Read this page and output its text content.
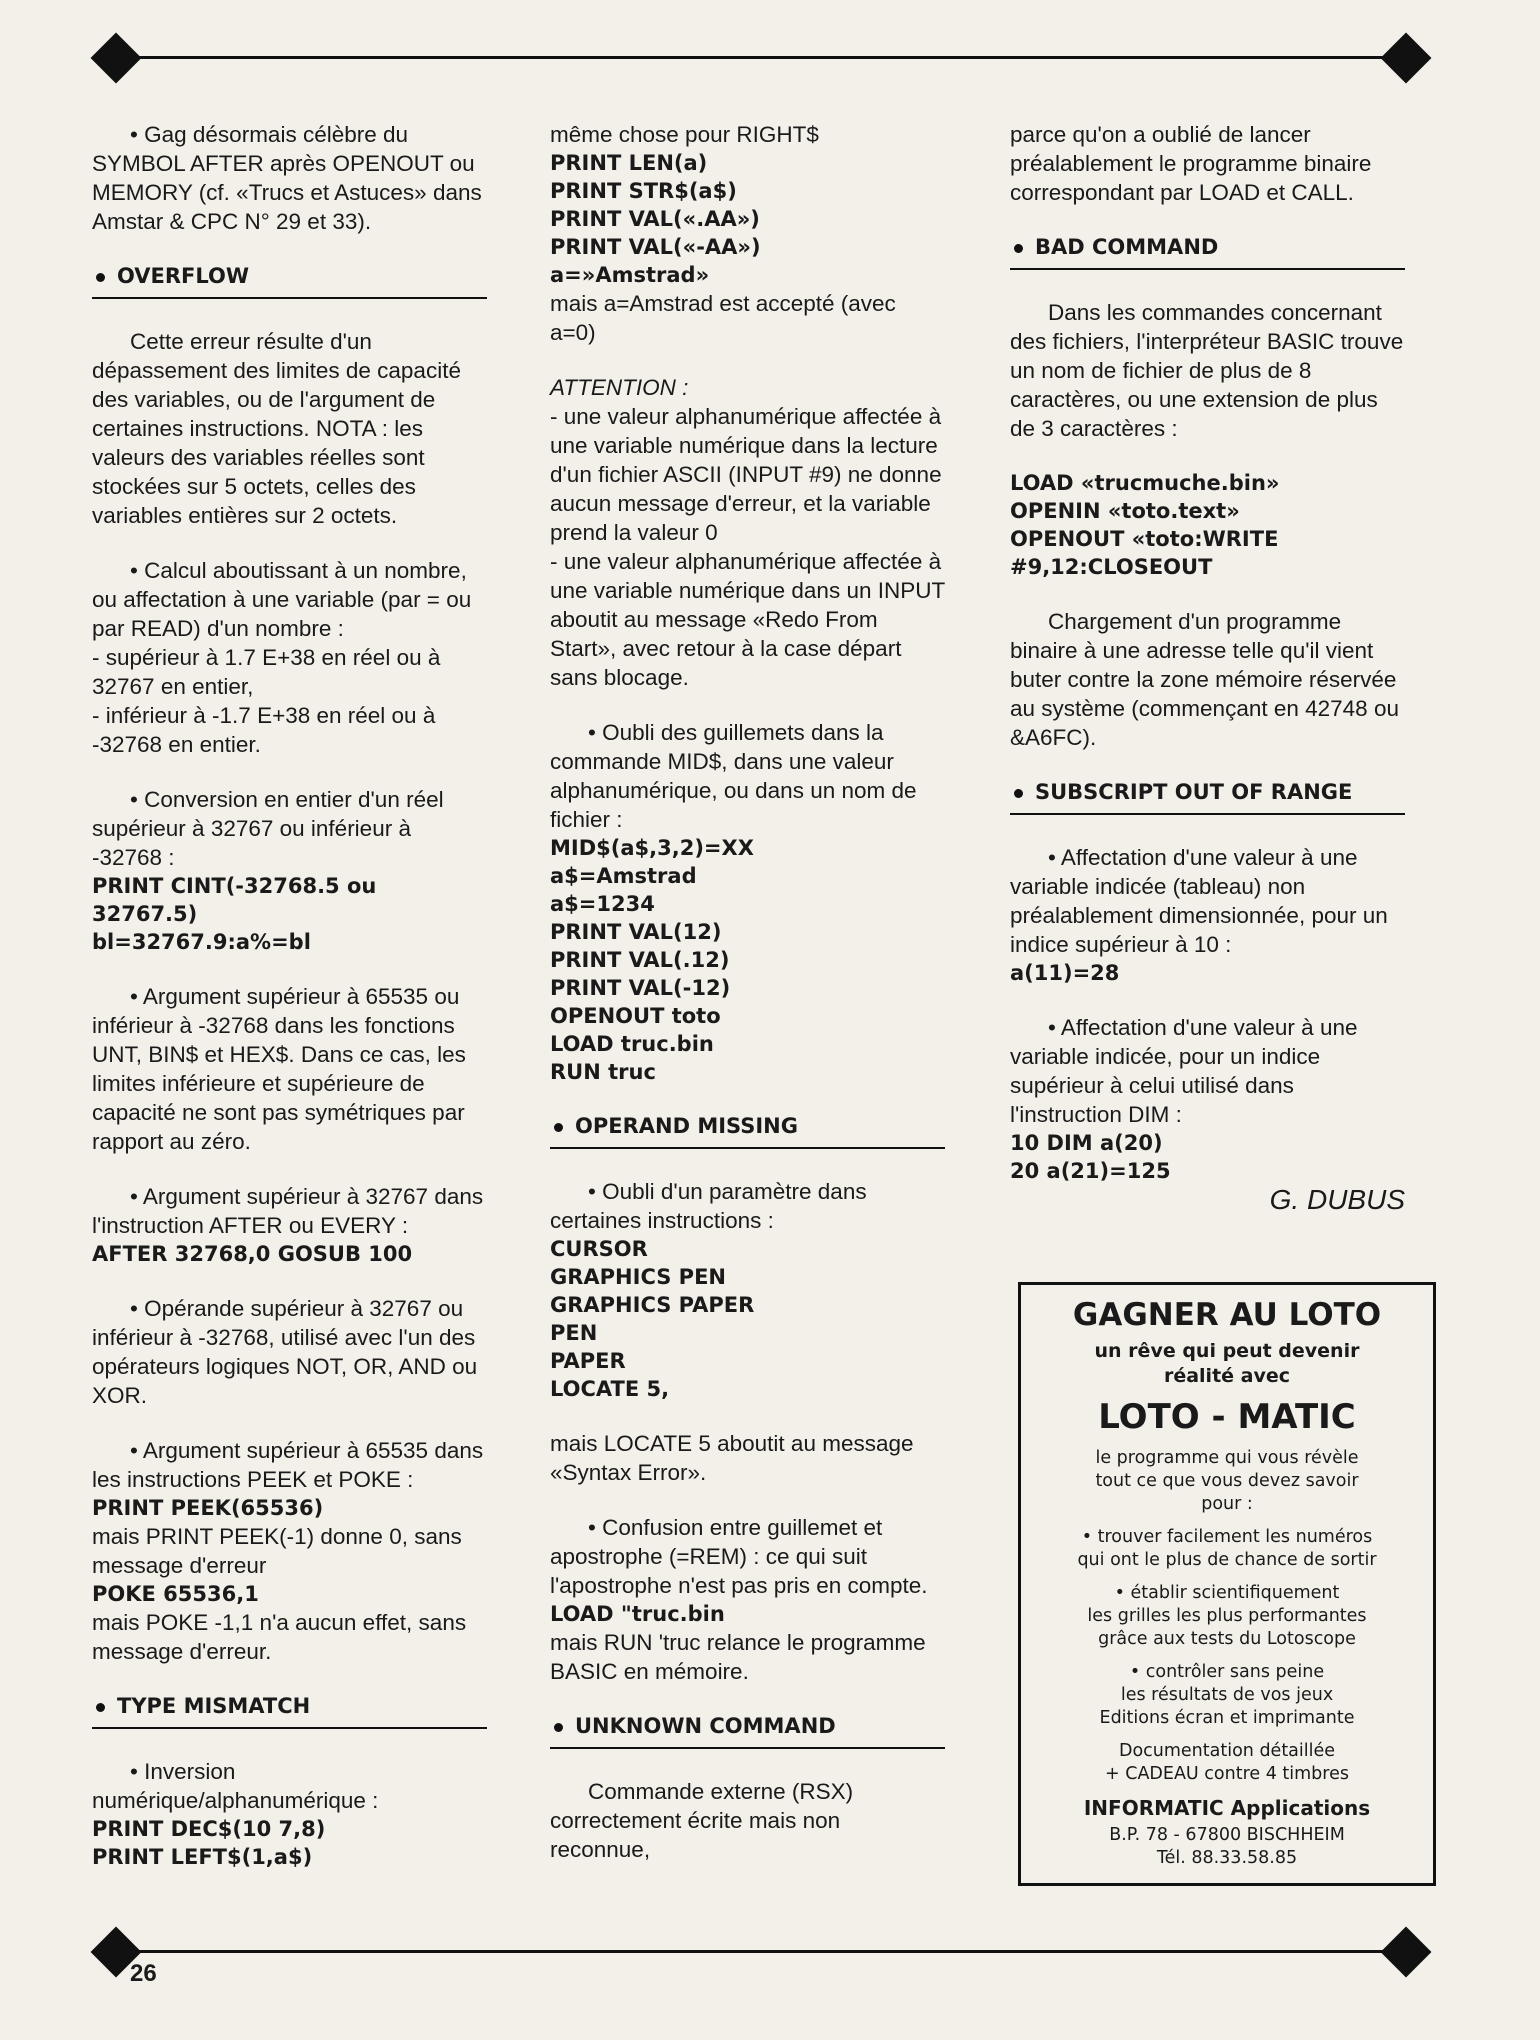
• Gag désormais célèbre du SYMBOL AFTER après OPENOUT ou MEMORY (cf. «Trucs et Astuces» dans Amstar & CPC N° 29 et 33).

OVERFLOW

Cette erreur résulte d'un dépassement des limites de capacité des variables, ou de l'argument de certaines instructions. NOTA : les valeurs des variables réelles sont stockées sur 5 octets, celles des variables entières sur 2 octets.

• Calcul aboutissant à un nombre, ou affectation à une variable (par = ou par READ) d'un nombre :

- supérieur à 1.7 E+38 en réel ou à 32767 en entier,

- inférieur à -1.7 E+38 en réel ou à -32768 en entier.

• Conversion en entier d'un réel supérieur à 32767 ou inférieur à -32768 :

PRINT CINT(-32768.5 ou 32767.5)
bl=32767.9:a%=bl

• Argument supérieur à 65535 ou inférieur à -32768 dans les fonctions UNT, BIN$ et HEX$. Dans ce cas, les limites inférieure et supérieure de capacité ne sont pas symétriques par rapport au zéro.

• Argument supérieur à 32767 dans l'instruction AFTER ou EVERY :

AFTER 32768,0 GOSUB 100

• Opérande supérieur à 32767 ou inférieur à -32768, utilisé avec l'un des opérateurs logiques NOT, OR, AND ou XOR.

• Argument supérieur à 65535 dans les instructions PEEK et POKE :

PRINT PEEK(65536)

mais PRINT PEEK(-1) donne 0, sans message d'erreur

POKE 65536,1

mais POKE -1,1 n'a aucun effet, sans message d'erreur.

TYPE MISMATCH

• Inversion numérique/alphanumérique :

PRINT DEC$(10 7,8)
PRINT LEFT$(1,a$)

même chose pour RIGHT$

PRINT LEN(a)
PRINT STR$(a$)
PRINT VAL(«.AA»)
PRINT VAL(«-AA»)
a=»Amstrad»

mais a=Amstrad est accepté (avec a=0)

ATTENTION :

- une valeur alphanumérique affectée à une variable numérique dans la lecture d'un fichier ASCII (INPUT #9) ne donne aucun message d'erreur, et la variable prend la valeur 0

- une valeur alphanumérique affectée à une variable numérique dans un INPUT aboutit au message «Redo From Start», avec retour à la case départ sans blocage.

• Oubli des guillemets dans la commande MID$, dans une valeur alphanumérique, ou dans un nom de fichier :

MID$(a$,3,2)=XX
a$=Amstrad
a$=1234
PRINT VAL(12)
PRINT VAL(.12)
PRINT VAL(-12)
OPENOUT toto
LOAD truc.bin
RUN truc
OPERAND MISSING

• Oubli d'un paramètre dans certaines instructions :

CURSOR
GRAPHICS PEN
GRAPHICS PAPER
PEN
PAPER
LOCATE 5,

mais LOCATE 5 aboutit au message «Syntax Error».

• Confusion entre guillemet et apostrophe (=REM) : ce qui suit l'apostrophe n'est pas pris en compte.

LOAD "truc.bin

mais RUN 'truc relance le programme BASIC en mémoire.

UNKNOWN COMMAND

Commande externe (RSX) correctement écrite mais non reconnue,

parce qu'on a oublié de lancer préalablement le programme binaire correspondant par LOAD et CALL.

BAD COMMAND

Dans les commandes concernant des fichiers, l'interpréteur BASIC trouve un nom de fichier de plus de 8 caractères, ou une extension de plus de 3 caractères :

LOAD «trucmuche.bin»
OPENIN «toto.text»
OPENOUT «toto:WRITE #9,12:CLOSEOUT

Chargement d'un programme binaire à une adresse telle qu'il vient buter contre la zone mémoire réservée au système (commençant en 42748 ou &A6FC).

SUBSCRIPT OUT OF RANGE

• Affectation d'une valeur à une variable indicée (tableau) non préalablement dimensionnée, pour un indice supérieur à 10 :

a(11)=28

• Affectation d'une valeur à une variable indicée, pour un indice supérieur à celui utilisé dans l'instruction DIM :

10 DIM a(20)
20 a(21)=125

G. DUBUS

GAGNER AU LOTO
un rêve qui peut devenir
réalité avec
LOTO - MATIC
le programme qui vous révèle
tout ce que vous devez savoir
pour :
• trouver facilement les numéros
qui ont le plus de chance de sortir
• établir scientifiquement
les grilles les plus performantes
grâce aux tests du Lotoscope
• contrôler sans peine
les résultats de vos jeux
Editions écran et imprimante
Documentation détaillée
+ CADEAU contre 4 timbres
INFORMATIC Applications
B.P. 78 - 67800 BISCHHEIM
Tél. 88.33.58.85
26
